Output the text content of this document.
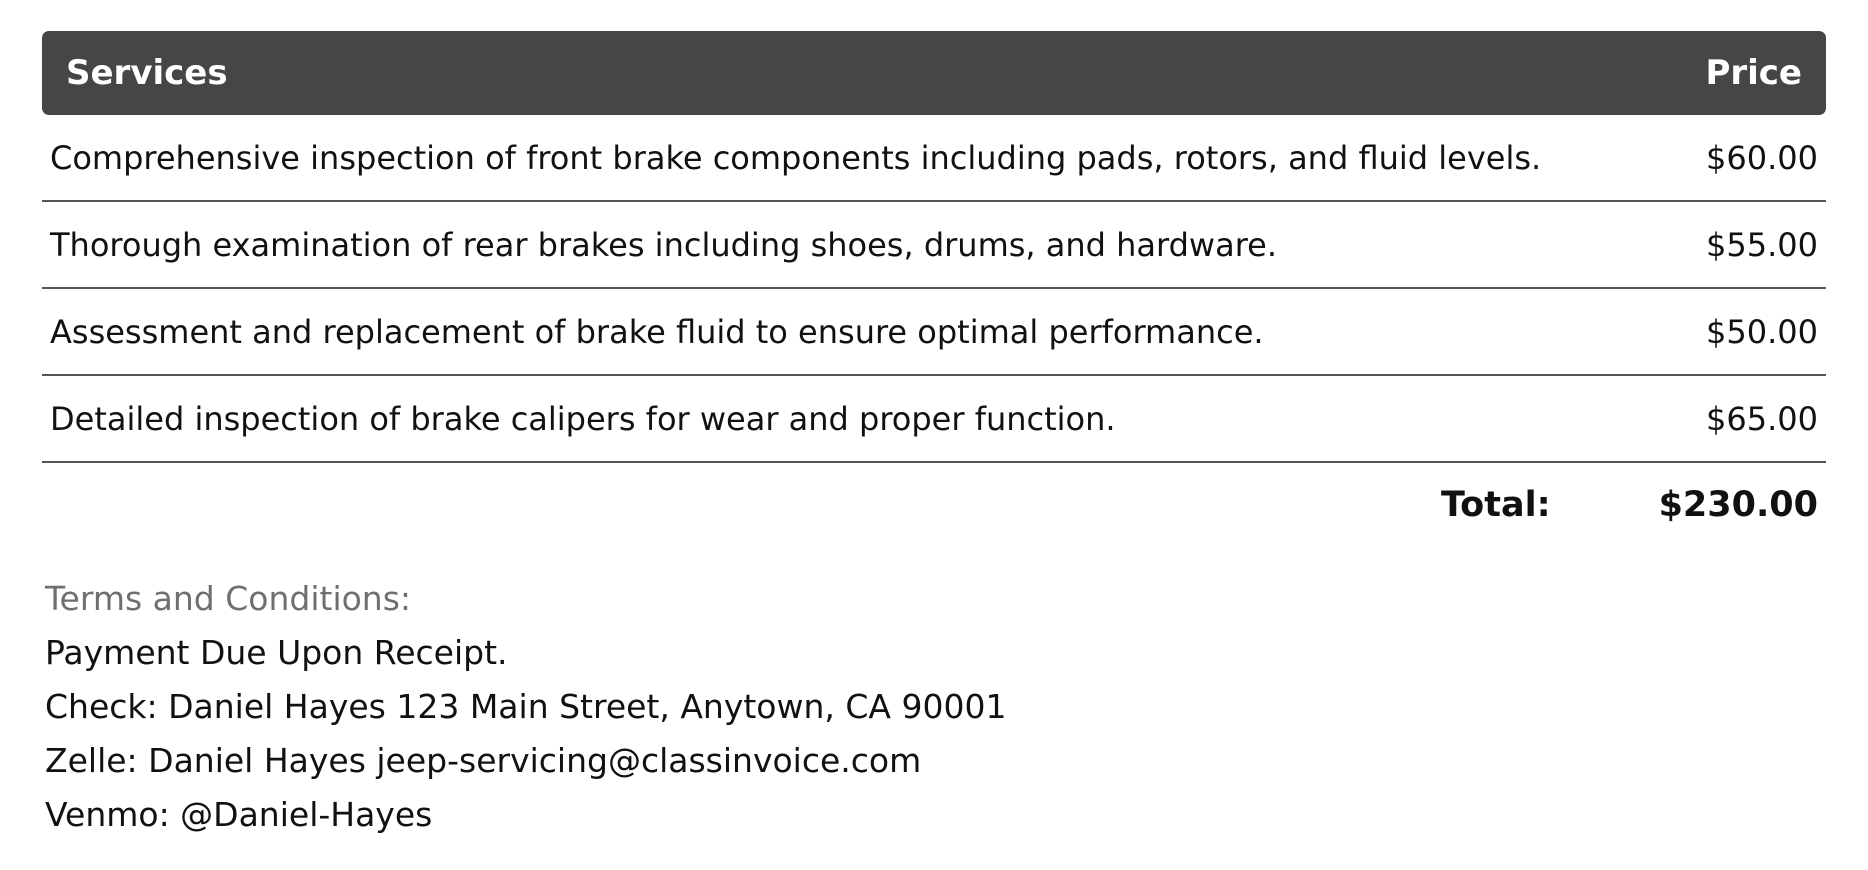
Services	Price
Comprehensive inspection of front brake components including pads, rotors, and fluid levels.	$60.00
Thorough examination of rear brakes including shoes, drums, and hardware.	$55.00
Assessment and replacement of brake fluid to ensure optimal performance.	$50.00
Detailed inspection of brake calipers for wear and proper function.	$65.00
Total:	$230.00
Terms and Conditions:
Payment Due Upon Receipt.
Check: Daniel Hayes 123 Main Street, Anytown, CA 90001
Zelle: Daniel Hayes jeep-servicing@classinvoice.com
Venmo: @Daniel-Hayes
